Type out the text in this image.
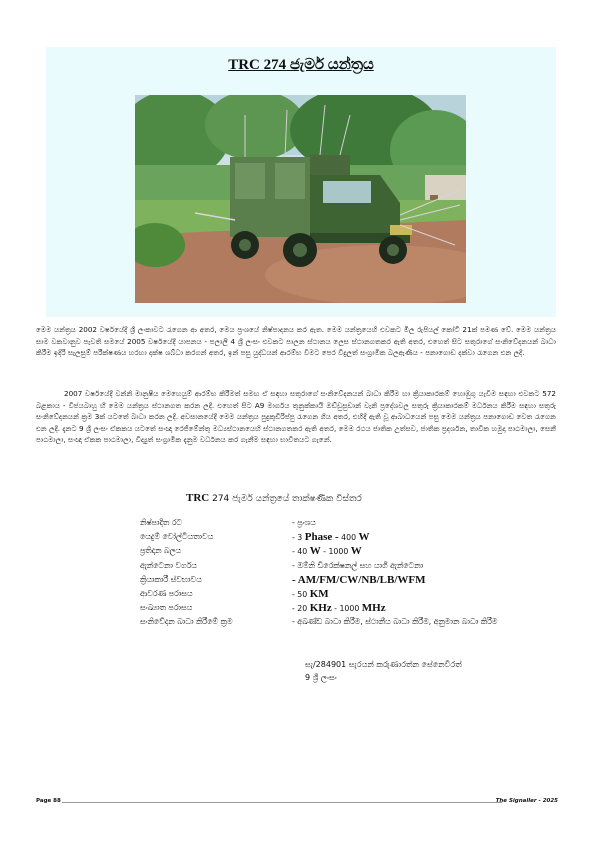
TRC 274 ජැමර් යන්ත්‍රය

මෙම යන්ත්‍රය 2002 වර්ෂයේදී ශ්‍රී ලංකාවට රැගෙන ආ අතර, මෙය ප්‍රංශයේ නිෂ්පාදනය කර ඇත. මෙම යන්ත්‍රයෙහි එවකට මිල රුපියල් කෝටි 21ක් පමණ වේ. මෙම යන්ත්‍රය සාම වකවානුව පැවති සමයේ 2005 වර්ෂයේදී යාපනය - පලාලි 4 ශ්‍රී ලංසං එවකට පාලන ස්ථානය ලෙස ස්ථානගතකර ඇති අතර, එහෙත් සිට සතුරාගේ සංනිවේදනයන් බාධා කිරීම ඉදිරි සැලසුම් පරීක්ෂණය හරහා දක්ෂ ශබ්ධා කරගන් අතර, ඉන් පසු යුද්ධයන් ආරම්භ වීමට පෙර විදුලත් සංග්‍රාමික බලඇණිය - පනාගොඩ දක්වා රැගෙන එන ලදී.

2007 වර්ෂයේදී වන්නි මානුෂීය මෙහෙයුම් ආරම්භ කිරීමත් සමඟ ඒ සඳහා සතුරාගේ සංනිවේදනයන් බාධා කිරීම හා ක්‍රියාකාරකම් හොඹුගු යැවීම සඳහා එවකට 572 බළකාය - විජයබාහු හී මෙම යන්ත්‍රය ස්ථානගත කරන ලදී. එහෙත් සිට A9 මාර්ගය තුනුක්කායි ඔඩ්ඩුසුඩාන් වැනි ප්‍රදේශවල සතුරු ක්‍රියාකාරකම් මර්ධනය කිරීම සඳහා සතුරු සංනිවේදනයන් ක්‍රම 3ක් යටතේ බාධා කරන ලදී. අවසානයේදී මෙම යන්ත්‍රය පුදුකුඩිරිප්පු රැගෙන ගිය අතර, එහිදී ඇති වූ ආබාධයෙන් පසු මෙම යන්ත්‍රය පනාගොඩ වෙත රැගෙන එන ලදී. දැනට 9 ශ්‍රී ලංසං ඒකකය යටතේ සංඥා රෙජිමේන්තු මධ්‍යස්ථානයෙහි ස්ථානගතකර ඇති අතර, මෙම රථය ජාතික උත්සව, ජාතික ප්‍රදර්ශන, තාවික හමුදා පාඨමාලා, සෙනී පාඨමාලා, සංඥා ඒකක පාඨමාලා, විද්‍යුත් සංග්‍රාමික දැනුම වර්ධනය කර ගැනීම සඳහා භාවිතයට ගැනේ.

TRC 274 ජැමර් යන්ත්‍රයේ තාක්ෂණික විස්තර
නිෂ්පාදිත රට	- ප්‍රංශය
යෙදුම් වෝල්ටීයතාවය	- 3 Phase - 400 W
ප්‍රතිදාන බලය	- 40 W - 1000 W
ඇන්ටෙනා වර්ගය	- ඔම්නි ඩිරෙක්ෂනල් සහ යාගී ඇන්ටෙනා
ක්‍රියාකාරී ස්වභාවය	- AM/FM/CW/NB/LB/WFM
ආවරණ පරාසය	- 50 KM
සංඛ්‍යාත පරාසය	- 20 KHz - 1000 MHz
සංනිවේදන බාධා කිරීමේ ක්‍රම	- අඛණ්ඩ බාධා කිරීම, ස්ථානීය බාධා කිරීම, අනුමාන බාධා කිරීම
සැ/284901 සැරයන් කරුණාරත්න සේනෙවිරත්
9 ශ්‍රී ලංසං
Page 88	The Signaller - 2025
